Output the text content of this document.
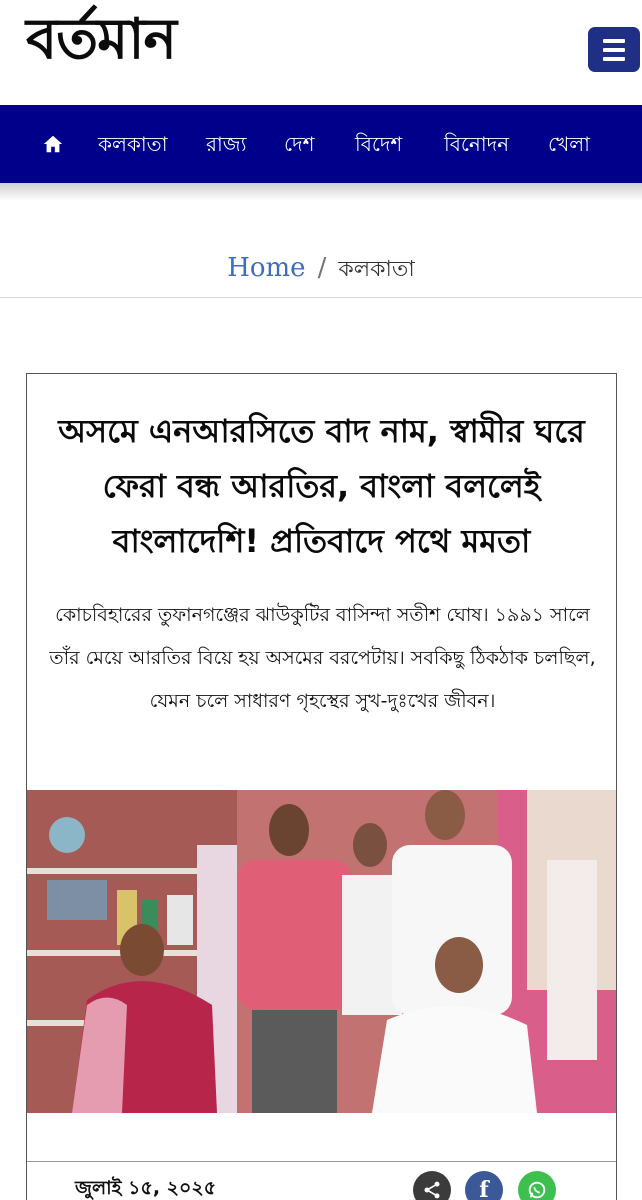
বর্তমান
কলকাতা রাজ্য দেশ বিদেশ বিনোদন খেলা
Home / কলকাতা
অসমে এনআরসিতে বাদ নাম, স্বামীর ঘরে ফেরা বন্ধ আরতির, বাংলা বললেই বাংলাদেশি! প্রতিবাদে পথে মমতা

কোচবিহারের তুফানগঞ্জের ঝাউকুটির বাসিন্দা সতীশ ঘোষ। ১৯৯১ সালে তাঁর মেয়ে আরতির বিয়ে হয় অসমের বরপেটায়। সবকিছু ঠিকঠাক চলছিল, যেমন চলে সাধারণ গৃহস্থের সুখ-দুঃখের জীবন।

জুলাই ১৫, ২০২৫	f
